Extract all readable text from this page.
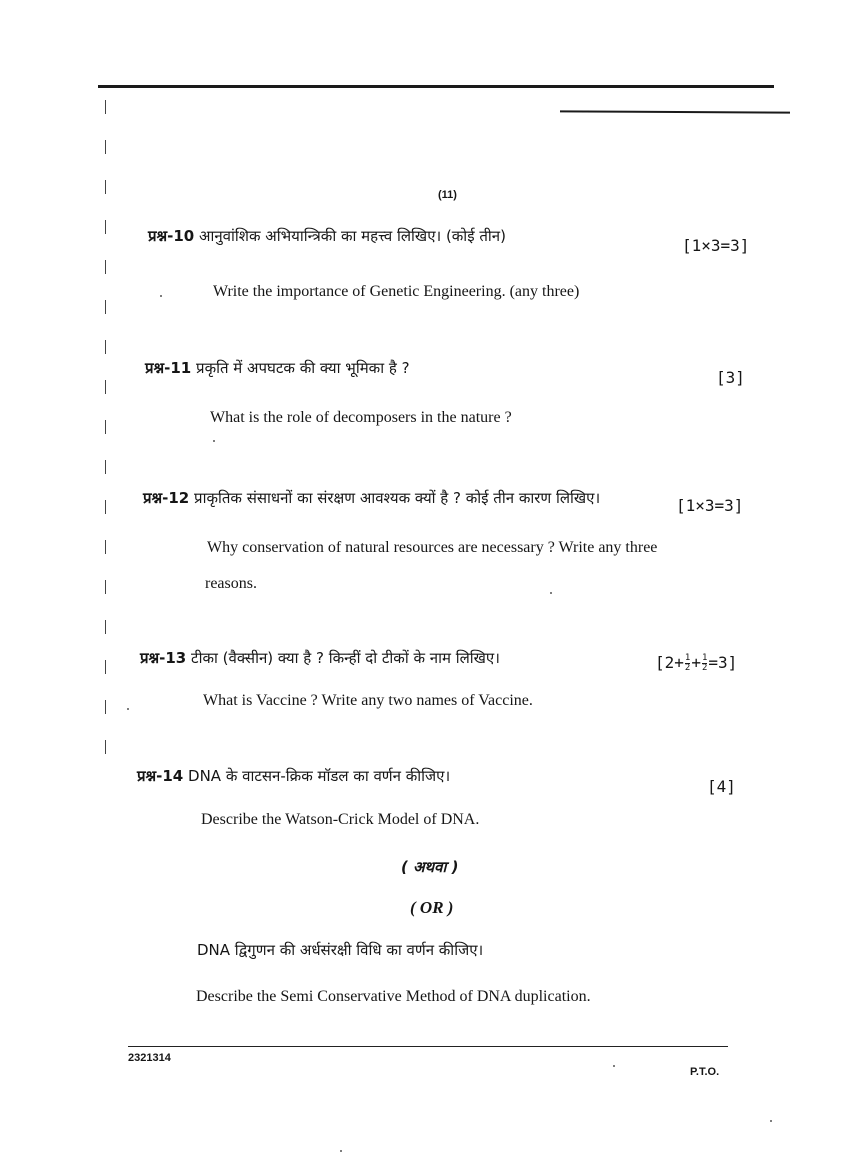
(11)
प्रश्न-10 आनुवांशिक अभियान्त्रिकी का महत्त्व लिखिए। (कोई तीन)	[1×3=3]
Write the importance of Genetic Engineering. (any three)
प्रश्न-11 प्रकृति में अपघटक की क्या भूमिका है ?	[3]
What is the role of decomposers in the nature ?
प्रश्न-12 प्राकृतिक संसाधनों का संरक्षण आवश्यक क्यों है ? कोई तीन कारण लिखिए।	[1×3=3]
Why conservation of natural resources are necessary ? Write any three
reasons.
प्रश्न-13 टीका (वैक्सीन) क्या है ? किन्हीं दो टीकों के नाम लिखिए।	$[2+ \frac{1}{2} + \frac{1}{2} =3]$
What is Vaccine ? Write any two names of Vaccine.
प्रश्न-14 DNA के वाटसन-क्रिक मॉडल का वर्णन कीजिए।
[4]
Describe the Watson-Crick Model of DNA.
( अथवा )
( OR )
DNA द्विगुणन की अर्धसंरक्षी विधि का वर्णन कीजिए।
Describe the Semi Conservative Method of DNA duplication.
2321314
P.T.O.
